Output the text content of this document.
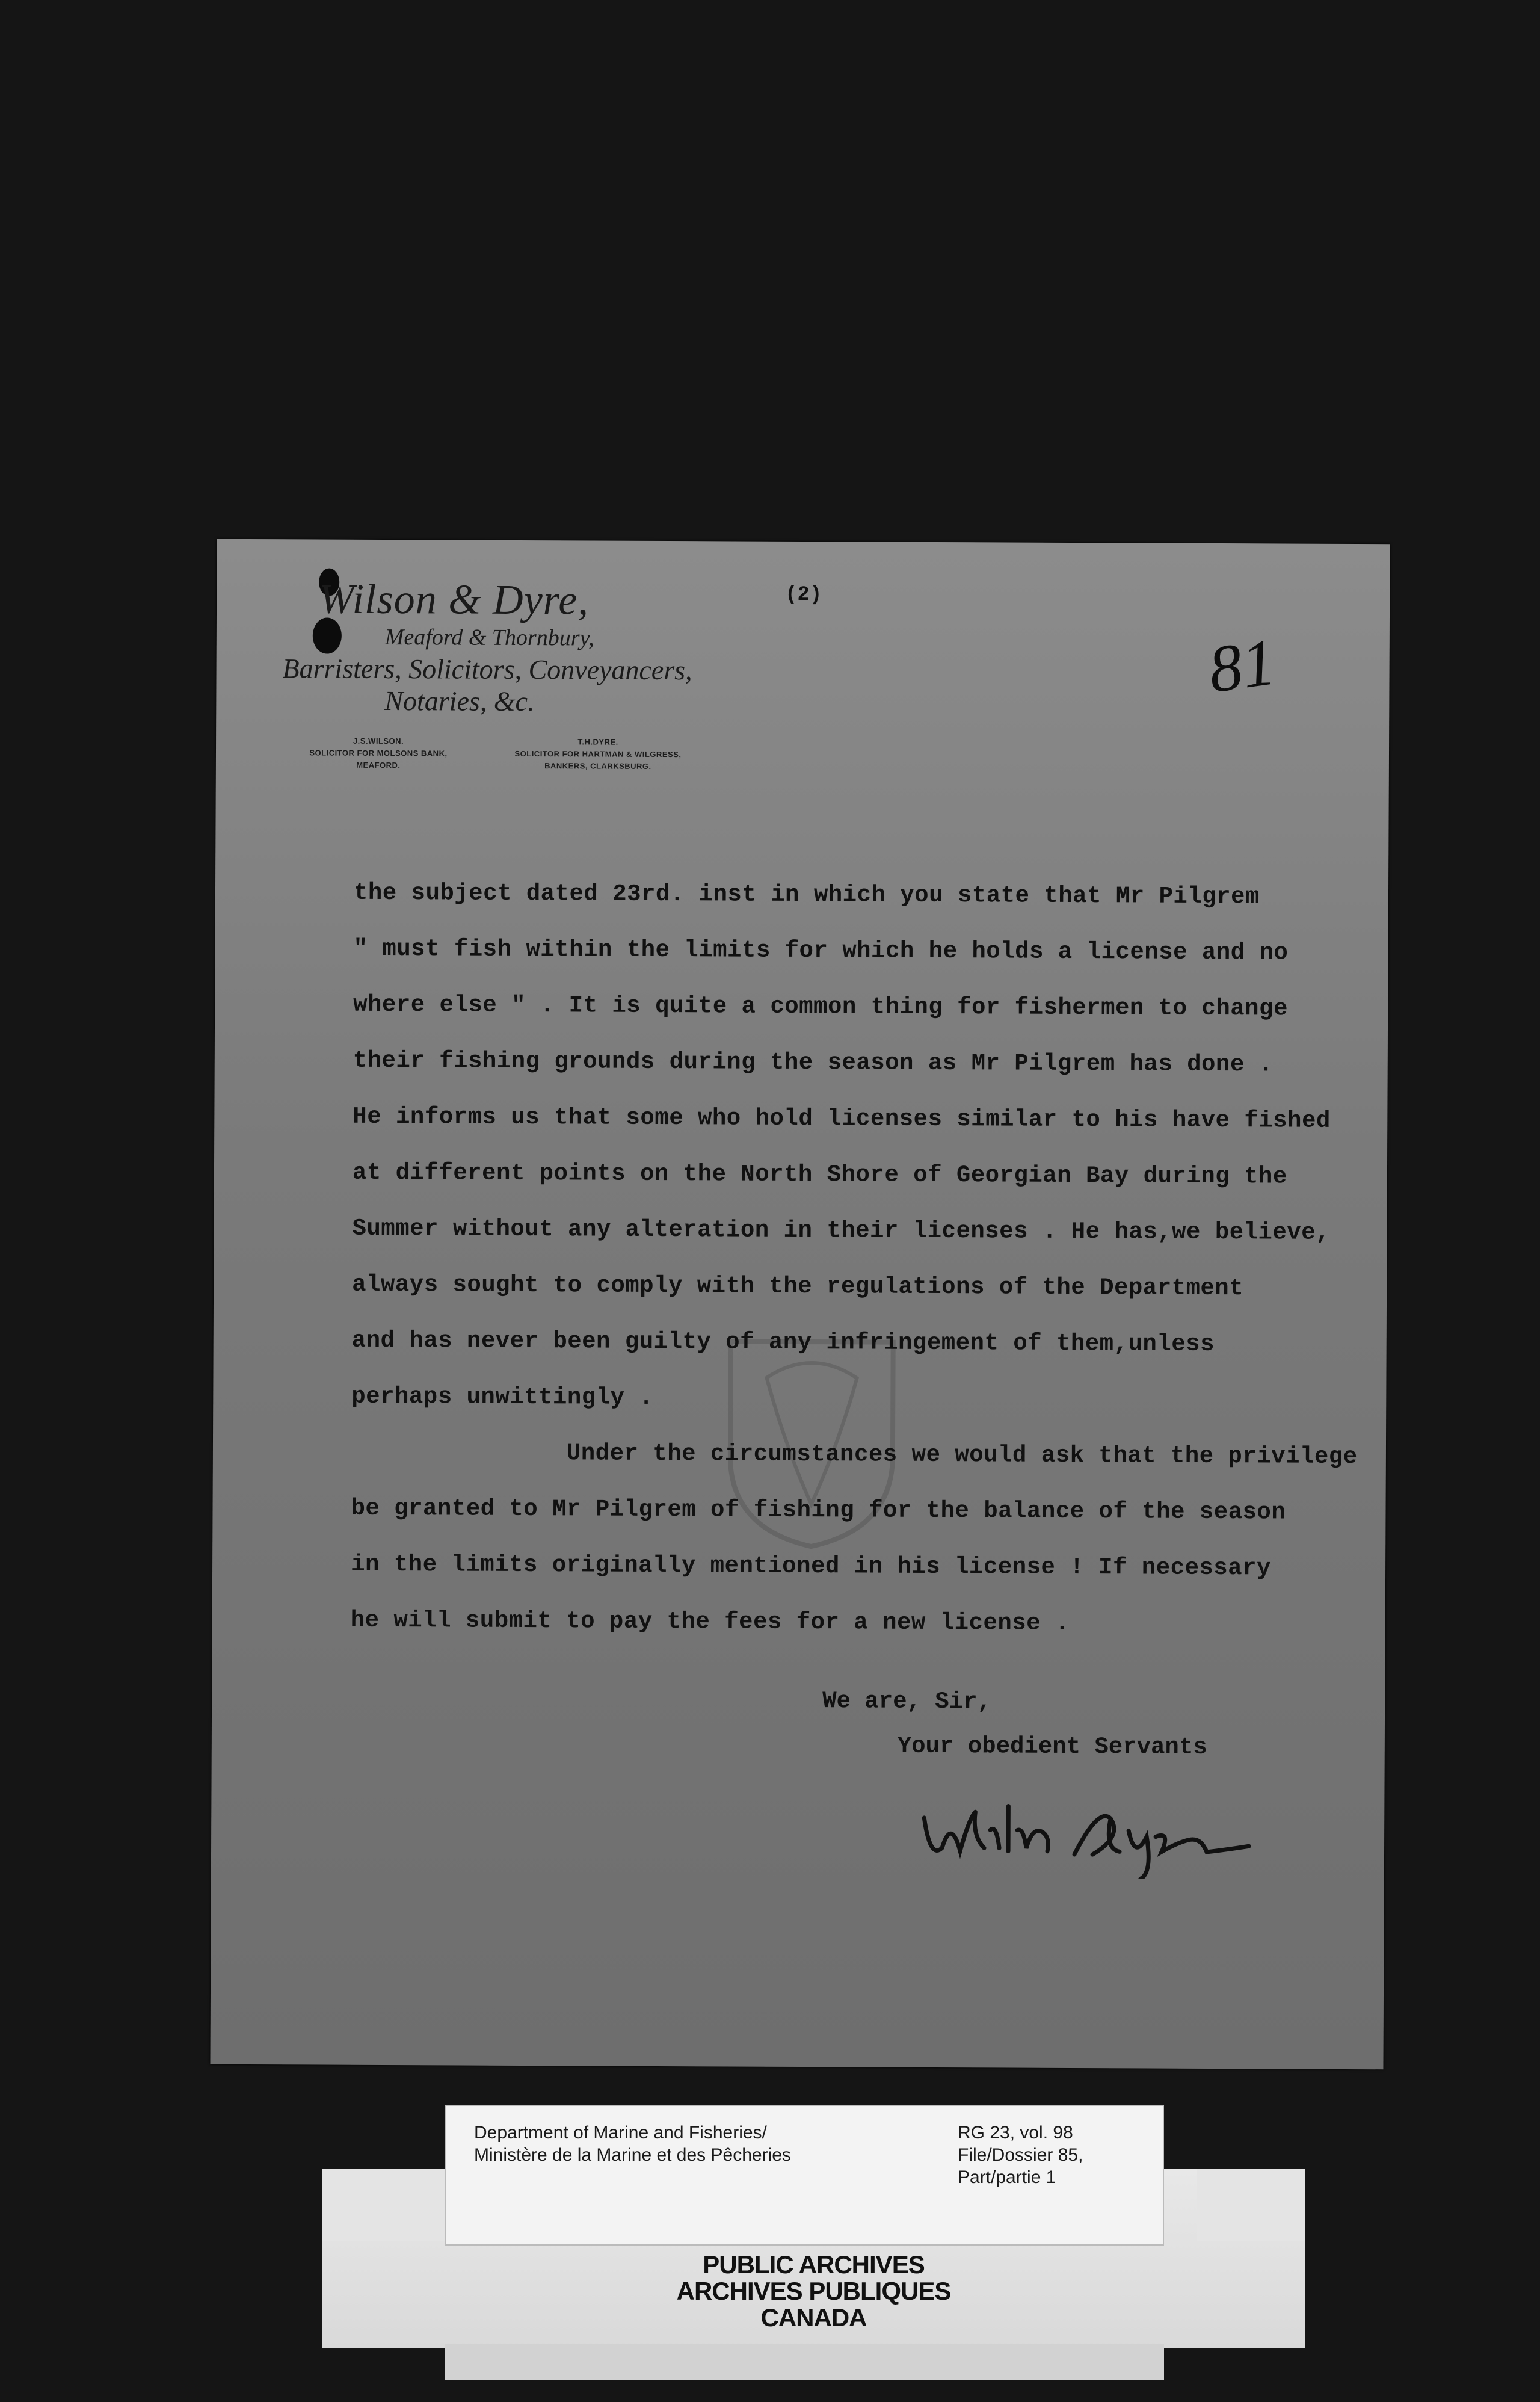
Wilson & Dyre,
Meaford & Thornbury,
Barristers, Solicitors, Conveyancers,
Notaries, &c.
J.S.WILSON.
SOLICITOR FOR MOLSONS BANK,
MEAFORD.
T.H.DYRE.
SOLICITOR FOR HARTMAN & WILGRESS,
BANKERS, CLARKSBURG.
(2)
81
the subject dated 23rd. inst in which you state that Mr Pilgrem
" must fish within the limits for which he holds a license and no
where else " . It is quite a common thing for fishermen to change
their fishing grounds during the season as Mr Pilgrem has done .
He informs us that some who hold licenses similar to his have fished
at different points on the North Shore of Georgian Bay during the
Summer without any alteration in their licenses . He has,we believe,
always sought to comply with the regulations of the Department
and has never been guilty of any infringement of them,unless
perhaps unwittingly .
Under the circumstances we would ask that the privilege
be granted to Mr Pilgrem of fishing for the balance of the season
in the limits originally mentioned in his license ! If necessary
he will submit to pay the fees for a new license .
We are, Sir,
Your obedient Servants
Department of Marine and Fisheries/
Ministère de la Marine et des Pêcheries
RG 23, vol. 98
File/Dossier 85,
Part/partie 1
PUBLIC ARCHIVES
ARCHIVES PUBLIQUES
CANADA
